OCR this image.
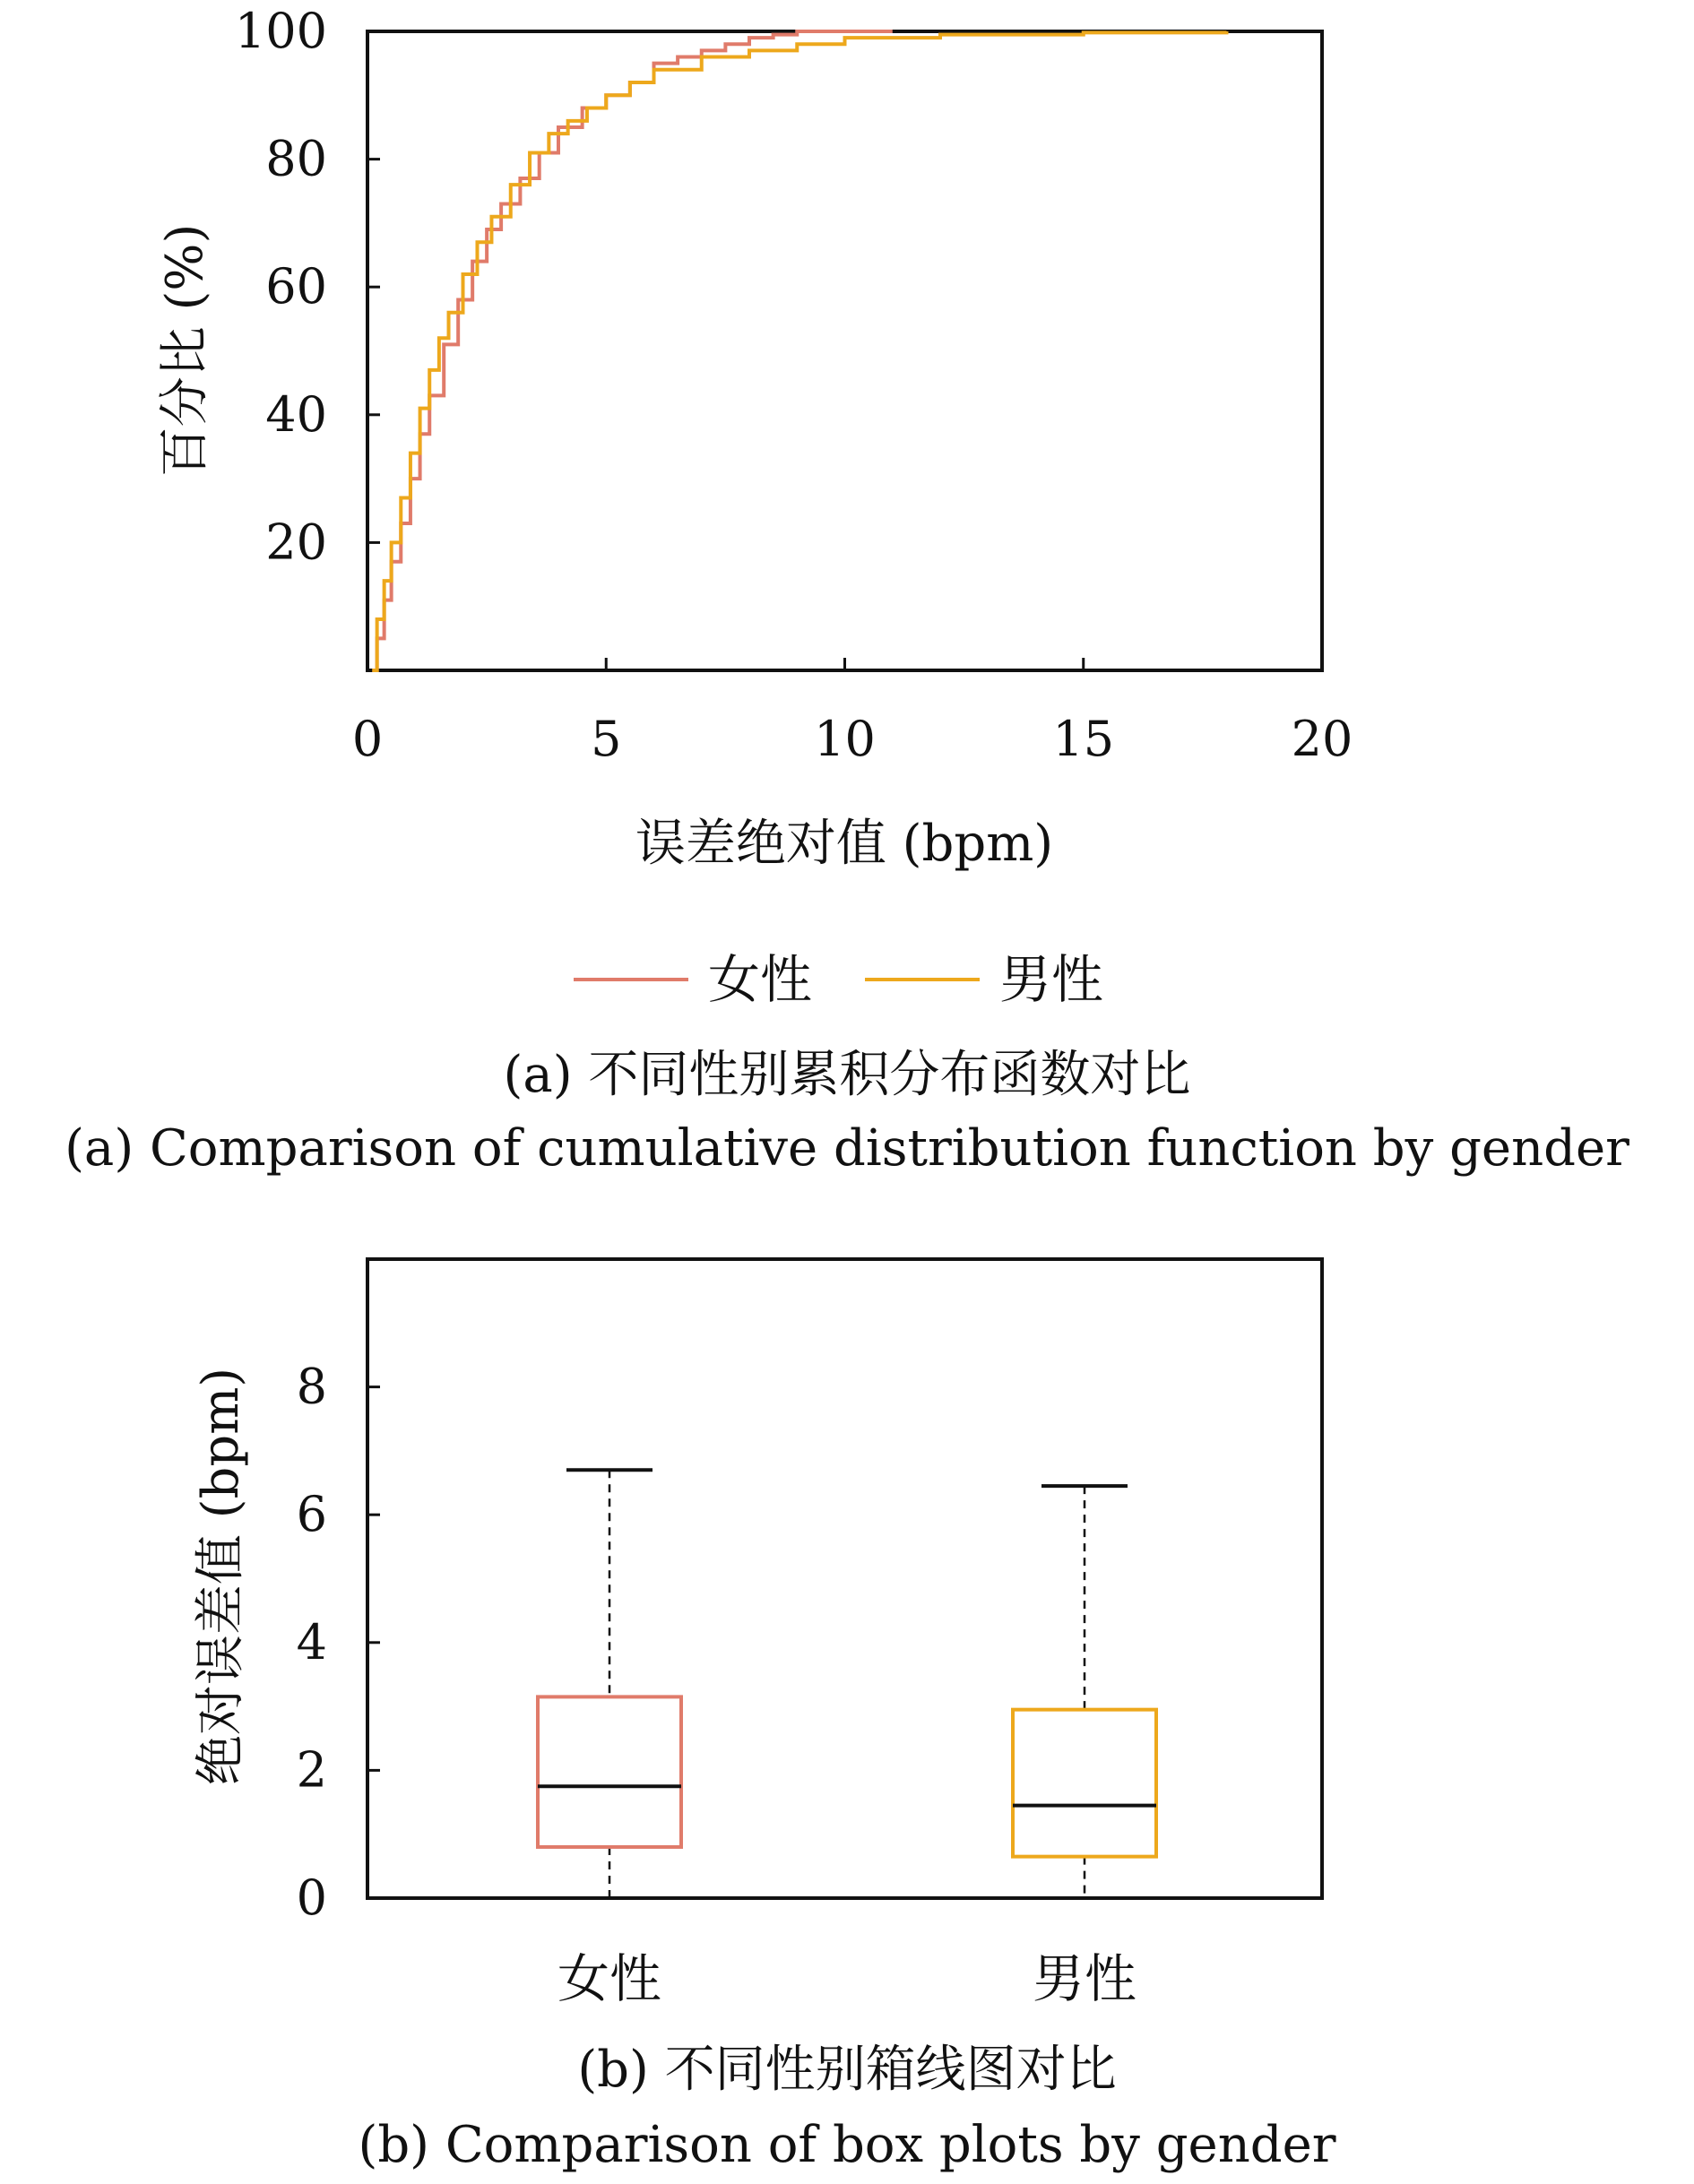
20
40
60
80
100
0	5	10	15	20
误差绝对值 (bpm)
百分比 (%)
女性	男性
(a) 不同性别累积分布函数对比
(a) Comparison of cumulative distribution function by gender
0
2
4
6
8
女性	男性
绝对误差值 (bpm)
(b) 不同性别箱线图对比
(b) Comparison of box plots by gender
